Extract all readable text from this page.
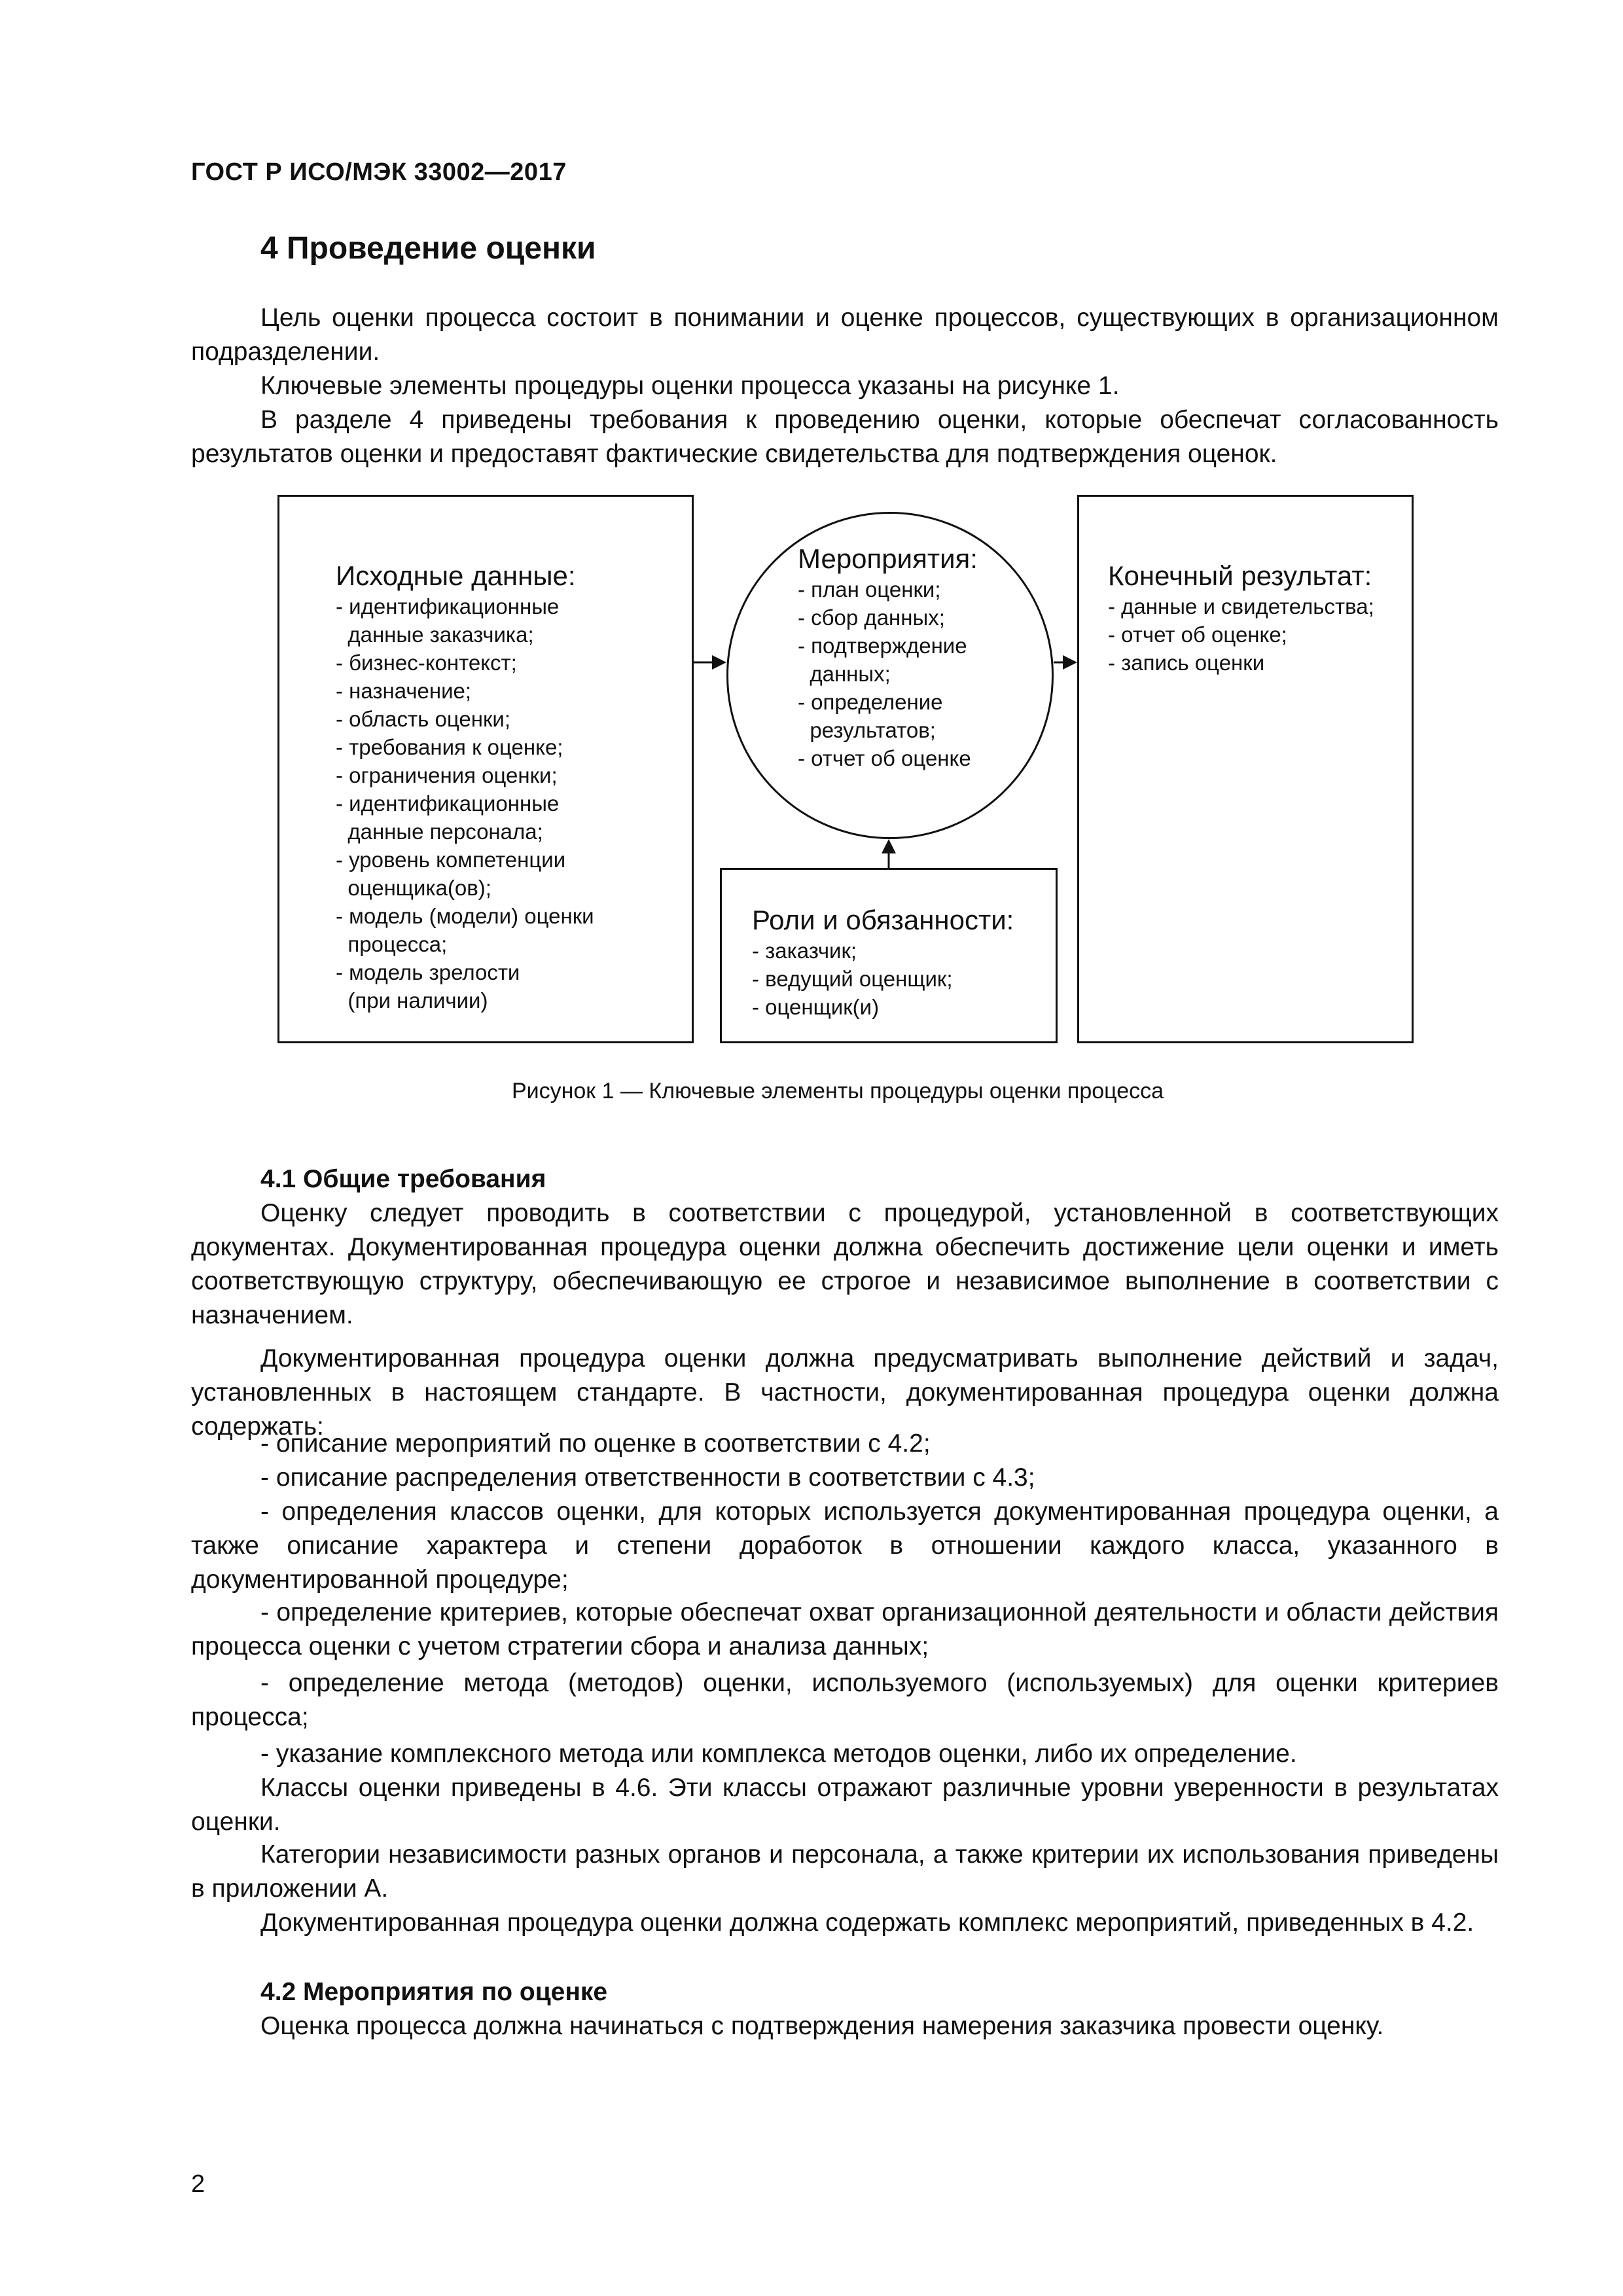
ГОСТ Р ИСО/МЭК 33002—2017
4 Проведение оценки

Цель оценки процесса состоит в понимании и оценке процессов, существующих в организационном подразделении.

Ключевые элементы процедуры оценки процесса указаны на рисунке 1.

В разделе 4 приведены требования к проведению оценки, которые обеспечат согласованность результатов оценки и предоставят фактические свидетельства для подтверждения оценок.

Исходные данные:
- идентификационные
данные заказчика;
- бизнес-контекст;
- назначение;
- область оценки;
- требования к оценке;
- ограничения оценки;
- идентификационные
данные персонала;
- уровень компетенции
оценщика(ов);
- модель (модели) оценки
процесса;
- модель зрелости
(при наличии)
Мероприятия:
- план оценки;
- сбор данных;
- подтверждение
данных;
- определение
результатов;
- отчет об оценке
Конечный результат:
- данные и свидетельства;
- отчет об оценке;
- запись оценки
Роли и обязанности:
- заказчик;
- ведущий оценщик;
- оценщик(и)
Рисунок 1 — Ключевые элементы процедуры оценки процесса
4.1 Общие требования

Оценку следует проводить в соответствии с процедурой, установленной в соответствующих документах. Документированная процедура оценки должна обеспечить достижение цели оценки и иметь соответствующую структуру, обеспечивающую ее строгое и независимое выполнение в соответствии с назначением.

Документированная процедура оценки должна предусматривать выполнение действий и задач, установленных в настоящем стандарте. В частности, документированная процедура оценки должна содержать:

- описание мероприятий по оценке в соответствии с 4.2;

- описание распределения ответственности в соответствии с 4.3;

- определения классов оценки, для которых используется документированная процедура оценки, а также описание характера и степени доработок в отношении каждого класса, указанного в документированной процедуре;

- определение критериев, которые обеспечат охват организационной деятельности и области действия процесса оценки с учетом стратегии сбора и анализа данных;

- определение метода (методов) оценки, используемого (используемых) для оценки критериев процесса;

- указание комплексного метода или комплекса методов оценки, либо их определение.

Классы оценки приведены в 4.6. Эти классы отражают различные уровни уверенности в результатах оценки.

Категории независимости разных органов и персонала, а также критерии их использования приведены в приложении А.

Документированная процедура оценки должна содержать комплекс мероприятий, приведенных в 4.2.

4.2 Мероприятия по оценке

Оценка процесса должна начинаться с подтверждения намерения заказчика провести оценку.

2
